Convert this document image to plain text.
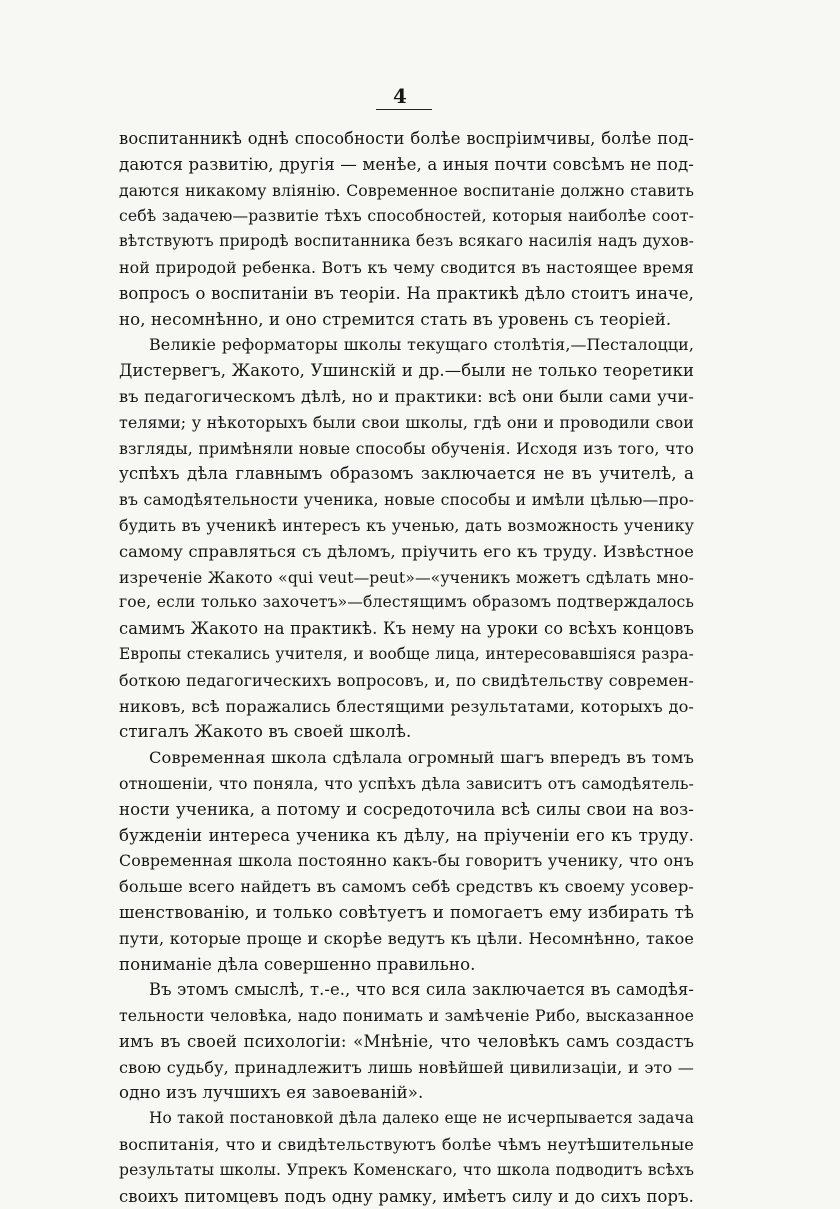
4
воспитанникѣ однѣ способности болѣе воспріимчивы, болѣе под-
даются развитію, другія — менѣе, а иныя почти совсѣмъ не под-
даются никакому вліянію. Современное воспитаніе должно ставить
себѣ задачею—развитіе тѣхъ способностей, которыя наиболѣе соот-
вѣтствуютъ природѣ воспитанника безъ всякаго насилія надъ духов-
ной природой ребенка. Вотъ къ чему сводится въ настоящее время
вопросъ о воспитаніи въ теоріи. На практикѣ дѣло стоитъ иначе,
но, несомнѣнно, и оно стремится стать въ уровень съ теоріей.
Великіе реформаторы школы текущаго столѣтія,—Песталоцци,
Дистервегъ, Жакото, Ушинскій и др.—были не только теоретики
въ педагогическомъ дѣлѣ, но и практики: всѣ они были сами учи-
телями; у нѣкоторыхъ были свои школы, гдѣ они и проводили свои
взгляды, примѣняли новые способы обученія. Исходя изъ того, что
успѣхъ дѣла главнымъ образомъ заключается не въ учителѣ, а
въ самодѣятельности ученика, новые способы и имѣли цѣлью—про-
будить въ ученикѣ интересъ къ ученью, дать возможность ученику
самому справляться съ дѣломъ, пріучить его къ труду. Извѣстное
изреченіе Жакото «qui veut—peut»—«ученикъ можетъ сдѣлать мно-
гое, если только захочетъ»—блестящимъ образомъ подтверждалось
самимъ Жакото на практикѣ. Къ нему на уроки со всѣхъ концовъ
Европы стекались учителя, и вообще лица, интересовавшіяся разра-
боткою педагогическихъ вопросовъ, и, по свидѣтельству современ-
никовъ, всѣ поражались блестящими результатами, которыхъ до-
стигалъ Жакото въ своей школѣ.
Современная школа сдѣлала огромный шагъ впередъ въ томъ
отношеніи, что поняла, что успѣхъ дѣла зависитъ отъ самодѣятель-
ности ученика, а потому и сосредоточила всѣ силы свои на воз-
бужденіи интереса ученика къ дѣлу, на пріученіи его къ труду.
Современная школа постоянно какъ-бы говоритъ ученику, что онъ
больше всего найдетъ въ самомъ себѣ средствъ къ своему усовер-
шенствованію, и только совѣтуетъ и помогаетъ ему избирать тѣ
пути, которые проще и скорѣе ведутъ къ цѣли. Несомнѣнно, такое
пониманіе дѣла совершенно правильно.
Въ этомъ смыслѣ, т.-е., что вся сила заключается въ самодѣя-
тельности человѣка, надо понимать и замѣченіе Рибо, высказанное
имъ въ своей психологіи: «Мнѣніе, что человѣкъ самъ создастъ
свою судьбу, принадлежитъ лишь новѣйшей цивилизаціи, и это —
одно изъ лучшихъ ея завоеваній».
Но такой постановкой дѣла далеко еще не исчерпывается задача
воспитанія, что и свидѣтельствуютъ болѣе чѣмъ неутѣшительные
результаты школы. Упрекъ Коменскаго, что школа подводитъ всѣхъ
своихъ питомцевъ подъ одну рамку, имѣетъ силу и до сихъ поръ.
